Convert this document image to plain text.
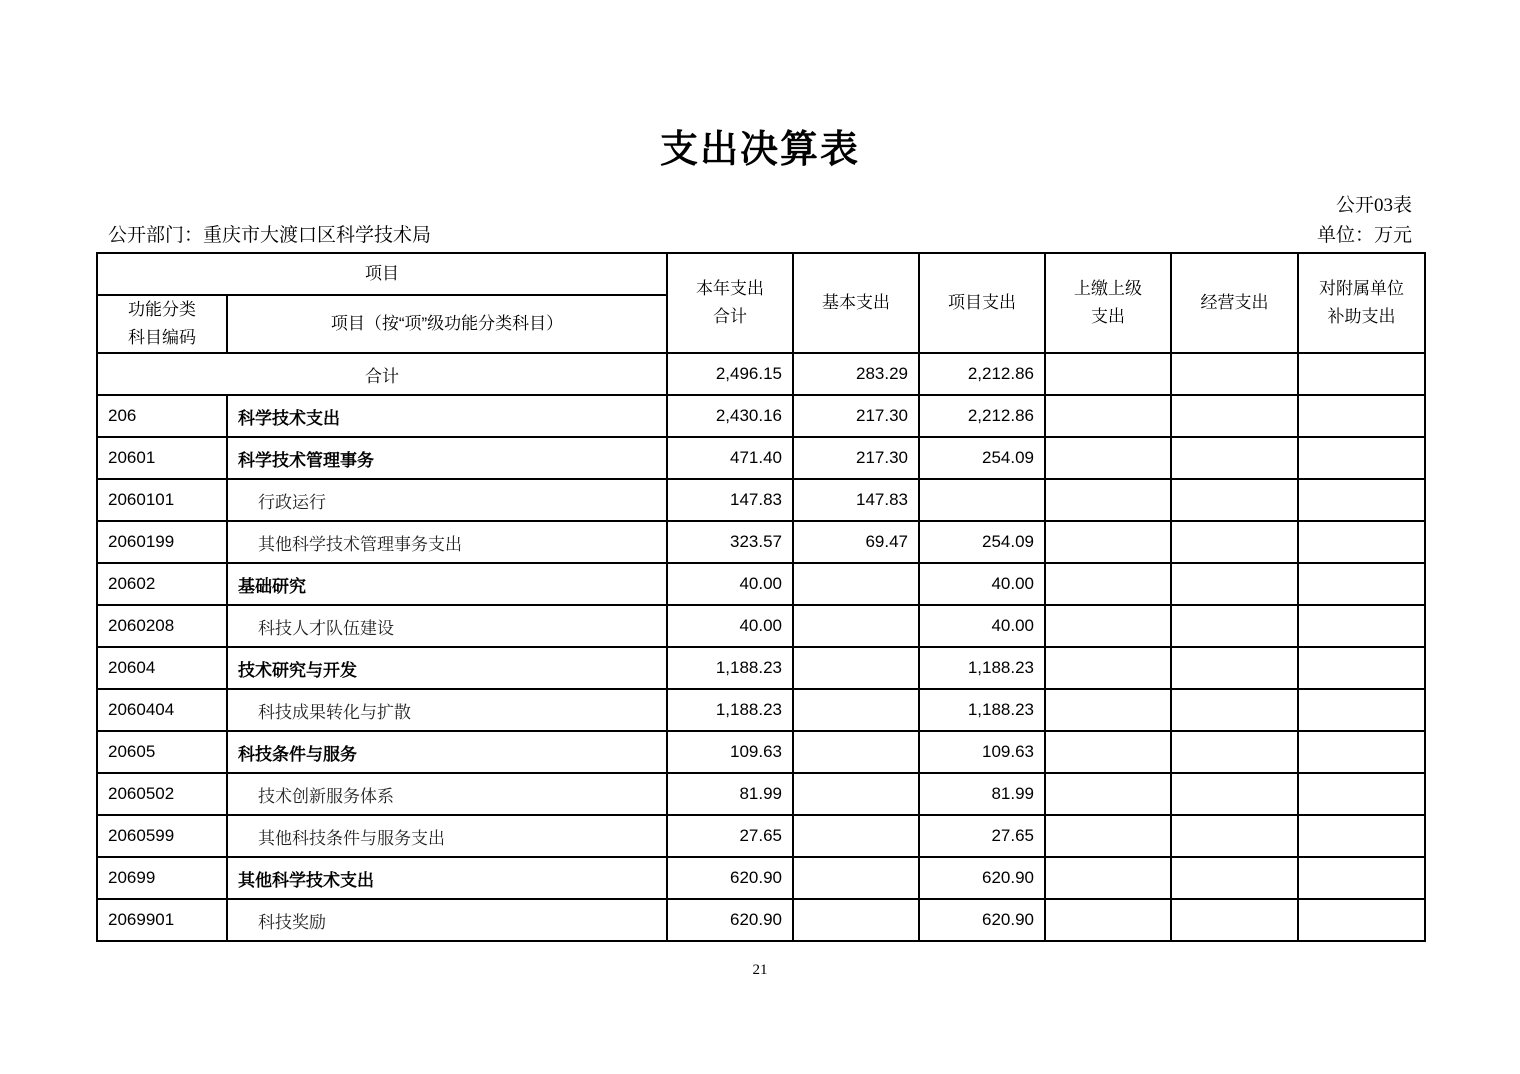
支出决算表
公开03表
公开部门：重庆市大渡口区科学技术局	单位：万元
项目		本年支出合计	基本支出	项目支出	上缴上级支出	经营支出	对附属单位补助支出

功能分类科目编码	项目（按“项”级功能分类科目）						

合计		2,496.15	283.29	2,212.86			
206	科学技术支出	2,430.16	217.30	2,212.86			
20601	科学技术管理事务	471.40	217.30	254.09			
2060101	行政运行	147.83	147.83				
2060199	其他科学技术管理事务支出	323.57	69.47	254.09			
20602	基础研究	40.00		40.00			
2060208	科技人才队伍建设	40.00		40.00			
20604	技术研究与开发	1,188.23		1,188.23			
2060404	科技成果转化与扩散	1,188.23		1,188.23			
20605	科技条件与服务	109.63		109.63			
2060502	技术创新服务体系	81.99		81.99			
2060599	其他科技条件与服务支出	27.65		27.65			
20699	其他科学技术支出	620.90		620.90			
2069901	科技奖励	620.90		620.90			
21
